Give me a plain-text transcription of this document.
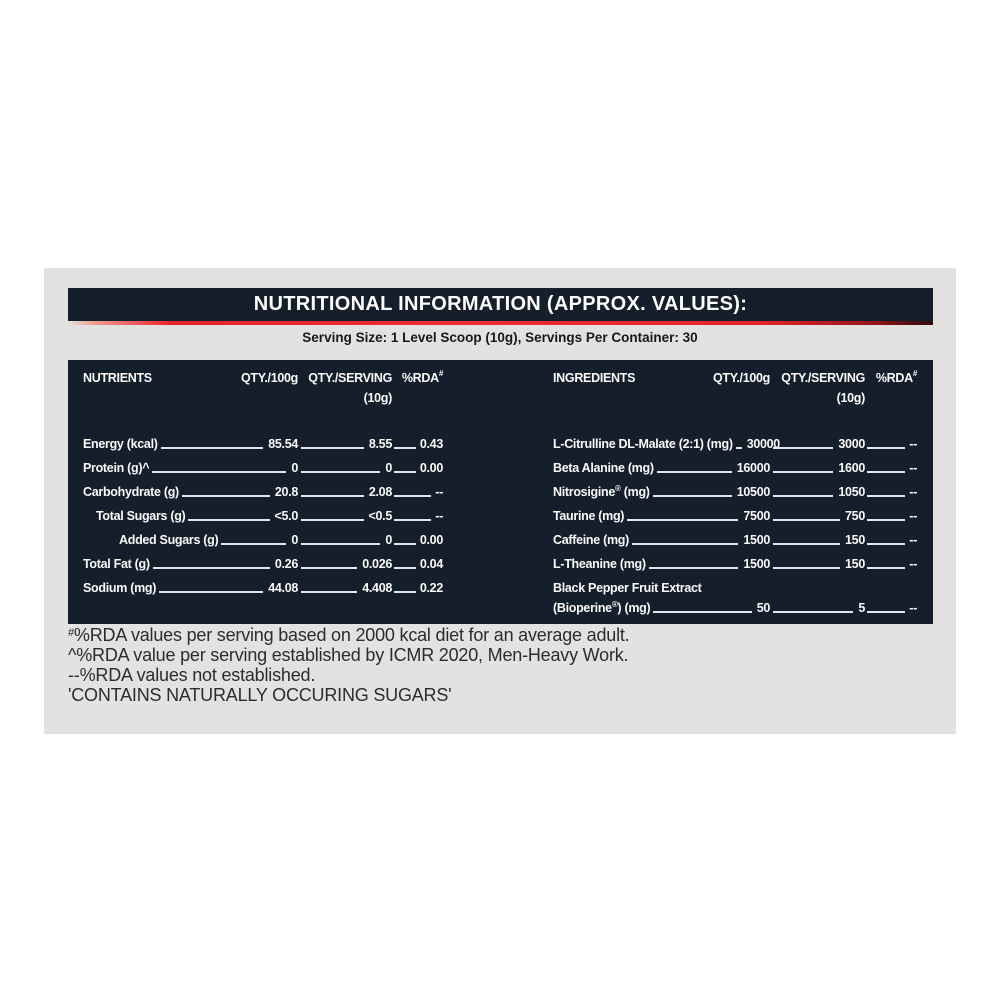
NUTRITIONAL INFORMATION (APPROX. VALUES):
Serving Size: 1 Level Scoop (10g), Servings Per Container: 30
NUTRIENTS	QTY./100g QTY./SERVING %RDA#
(10g)
Energy (kcal)	85.54	8.55 0.43
Protein (g)^	0	0 0.00
Carbohydrate (g)	20.8	2.08	--
Total Sugars (g)	<5.0	<0.5	--
Added Sugars (g)	0	0 0.00
Total Fat (g)	0.26	0.026 0.04
Sodium (mg)	44.08	4.408 0.22
INGREDIENTS	QTY./100g QTY./SERVING %RDA#
(10g)
L-Citrulline DL-Malate (2:1) (mg) 30000	3000	--
Beta Alanine (mg)	16000	1600	--
Nitrosigine® (mg)	10500	1050	--
Taurine (mg)	7500	750	--
Caffeine (mg)	1500	150	--
L-Theanine (mg)	1500	150	--
Black Pepper Fruit Extract
(Bioperine®) (mg)	50	5	--
#%RDA values per serving based on 2000 kcal diet for an average adult.
^%RDA value per serving established by ICMR 2020, Men-Heavy Work.
--%RDA values not established.
'CONTAINS NATURALLY OCCURING SUGARS'
